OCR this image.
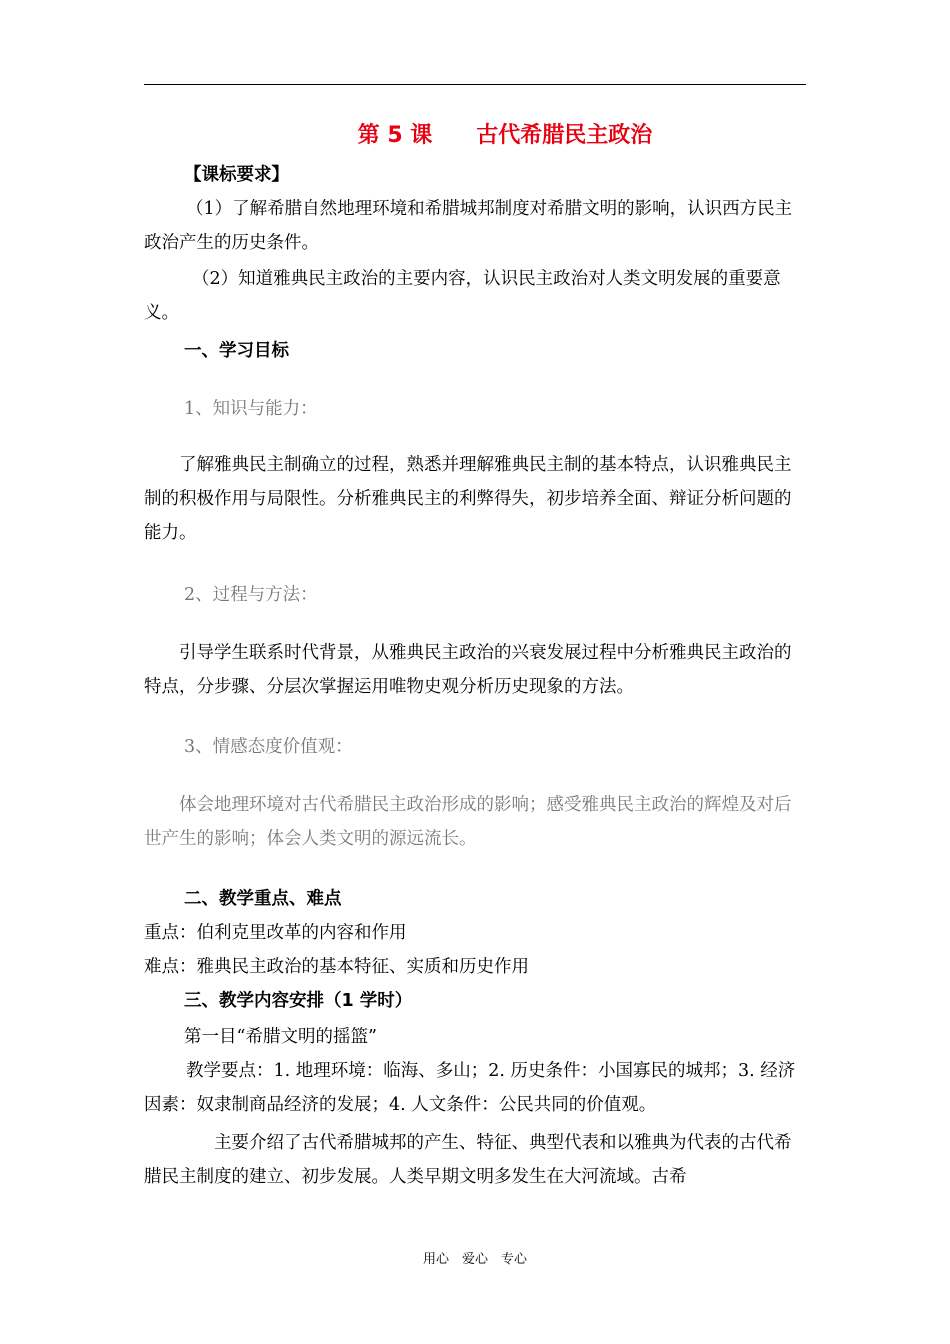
第 5 课　　古代希腊民主政治

【课标要求】

（1）了解希腊自然地理环境和希腊城邦制度对希腊文明的影响，认识西方民主政治产生的历史条件。

（2）知道雅典民主政治的主要内容，认识民主政治对人类文明发展的重要意义。

一、学习目标

1、知识与能力：

了解雅典民主制确立的过程，熟悉并理解雅典民主制的基本特点，认识雅典民主制的积极作用与局限性。分析雅典民主的利弊得失，初步培养全面、辩证分析问题的能力。

2、过程与方法：

引导学生联系时代背景，从雅典民主政治的兴衰发展过程中分析雅典民主政治的特点，分步骤、分层次掌握运用唯物史观分析历史现象的方法。

3、情感态度价值观：

体会地理环境对古代希腊民主政治形成的影响；感受雅典民主政治的辉煌及对后世产生的影响；体会人类文明的源远流长。

二、教学重点、难点

重点：伯利克里改革的内容和作用

难点：雅典民主政治的基本特征、实质和历史作用

三、教学内容安排（1 学时）

第一目“希腊文明的摇篮”

教学要点：1. 地理环境：临海、多山；2. 历史条件：小国寡民的城邦；3. 经济因素：奴隶制商品经济的发展；4. 人文条件：公民共同的价值观。

主要介绍了古代希腊城邦的产生、特征、典型代表和以雅典为代表的古代希腊民主制度的建立、初步发展。人类早期文明多发生在大河流域。古希

用心　爱心　专心
